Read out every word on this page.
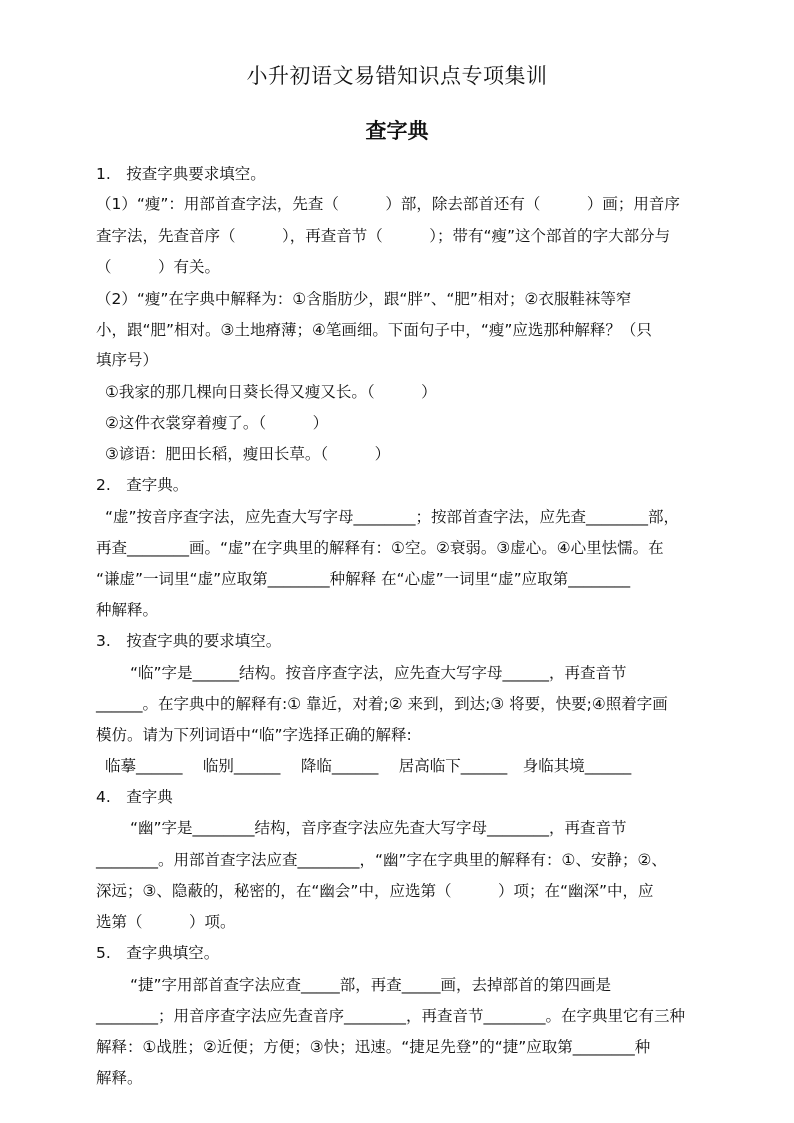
小升初语文易错知识点专项集训
查字典
1.　按查字典要求填空。
（1）“瘦”：用部首查字法，先查（　　　）部，除去部首还有（　　　）画；用音序
查字法，先查音序（　　　），再查音节（　　　）；带有“瘦”这个部首的字大部分与
（　　　）有关。
（2）“瘦”在字典中解释为：①含脂肪少，跟“胖”、“肥”相对；②衣服鞋袜等窄
小，跟“肥”相对。③土地瘠薄；④笔画细。下面句子中，“瘦”应选那种解释？（只
填序号）
①我家的那几棵向日葵长得又瘦又长。（　　　）
②这件衣裳穿着瘦了。（　　　）
③谚语：肥田长稻，瘦田长草。（　　　）
2.　查字典。
“虚”按音序查字法，应先查大写字母________；按部首查字法，应先查________部，
再查________画。“虚”在字典里的解释有：①空。②衰弱。③虚心。④心里怯懦。在
“谦虚”一词里“虚”应取第________种解释 在“心虚”一词里“虚”应取第________
种解释。
3.　按查字典的要求填空。
“临”字是______结构。按音序查字法，应先查大写字母______，再查音节
______。在字典中的解释有:① 靠近，对着;② 来到，到达;③ 将要，快要;④照着字画
模仿。请为下列词语中“临”字选择正确的解释:
临摹______　 临别______　 降临______　 居高临下______　身临其境______
4.　查字典
“幽”字是________结构，音序查字法应先查大写字母________，再查音节
________。用部首查字法应查________，“幽”字在字典里的解释有：①、安静；②、
深远；③、隐蔽的，秘密的，在“幽会”中，应选第（　　　）项；在“幽深”中，应
选第（　　　）项。
5.　查字典填空。
“捷”字用部首查字法应查_____部，再查_____画，去掉部首的第四画是
________；用音序查字法应先查音序________，再查音节________。在字典里它有三种
解释：①战胜；②近便；方便；③快；迅速。“捷足先登”的“捷”应取第________种
解释。
